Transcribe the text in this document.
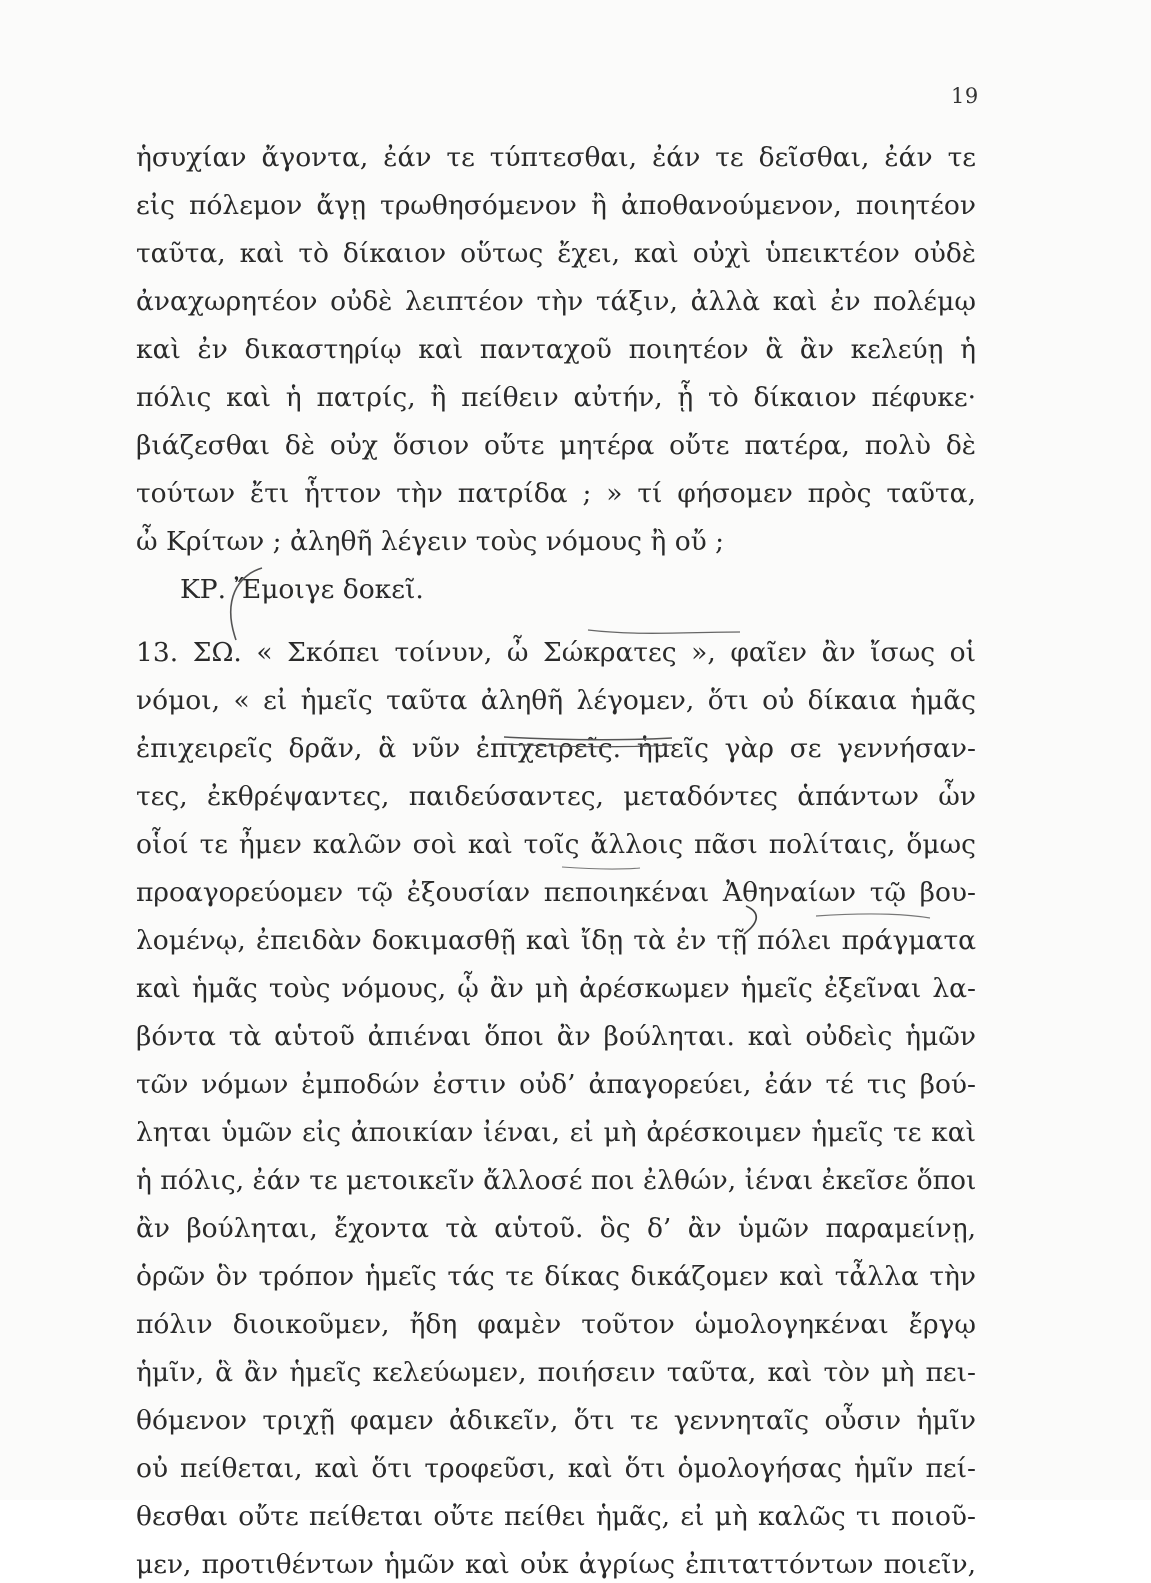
19
ἡσυχίαν ἄγοντα, ἐάν τε τύπτεσθαι, ἐάν τε δεῖσθαι, ἐάν τε
εἰς πόλεμον ἄγῃ τρωθησόμενον ἢ ἀποθανούμενον, ποιητέον
ταῦτα, καὶ τὸ δίκαιον οὕτως ἔχει, καὶ οὐχὶ ὑπεικτέον οὐδὲ
ἀναχωρητέον οὐδὲ λειπτέον τὴν τάξιν, ἀλλὰ καὶ ἐν πολέμῳ
καὶ ἐν δικαστηρίῳ καὶ πανταχοῦ ποιητέον ἃ ἂν κελεύῃ ἡ
πόλις καὶ ἡ πατρίς, ἢ πείθειν αὐτήν, ᾗ τὸ δίκαιον πέφυκε·
βιάζεσθαι δὲ οὐχ ὅσιον οὔτε μητέρα οὔτε πατέρα, πολὺ δὲ
τούτων ἔτι ἧττον τὴν πατρίδα ; » τί φήσομεν πρὸς ταῦτα,
ὦ Κρίτων ; ἀληθῆ λέγειν τοὺς νόμους ἢ οὔ ;
ΚΡ. Ἔμοιγε δοκεῖ.
13. ΣΩ. « Σκόπει τοίνυν, ὦ Σώκρατες », φαῖεν ἂν ἴσως οἱ
νόμοι, « εἰ ἡμεῖς ταῦτα ἀληθῆ λέγομεν, ὅτι οὐ δίκαια ἡμᾶς
ἐπιχειρεῖς δρᾶν, ἃ νῦν ἐπιχειρεῖς. ἡμεῖς γὰρ σε γεννήσαν-
τες, ἐκθρέψαντες, παιδεύσαντες, μεταδόντες ἁπάντων ὧν
οἷοί τε ἦμεν καλῶν σοὶ καὶ τοῖς ἄλλοις πᾶσι πολίταις, ὅμως
προαγορεύομεν τῷ ἐξουσίαν πεποιηκέναι Ἀθηναίων τῷ βου-
λομένῳ, ἐπειδὰν δοκιμασθῇ καὶ ἴδῃ τὰ ἐν τῇ πόλει πράγματα
καὶ ἡμᾶς τοὺς νόμους, ᾧ ἂν μὴ ἀρέσκωμεν ἡμεῖς ἐξεῖναι λα-
βόντα τὰ αὑτοῦ ἀπιέναι ὅποι ἂν βούληται. καὶ οὐδεὶς ἡμῶν
τῶν νόμων ἐμποδών ἐστιν οὐδ’ ἀπαγορεύει, ἐάν τέ τις βού-
ληται ὑμῶν εἰς ἀποικίαν ἰέναι, εἰ μὴ ἀρέσκοιμεν ἡμεῖς τε καὶ
ἡ πόλις, ἐάν τε μετοικεῖν ἄλλοσέ ποι ἐλθών, ἰέναι ἐκεῖσε ὅποι
ἂν βούληται, ἔχοντα τὰ αὑτοῦ. ὃς δ’ ἂν ὑμῶν παραμείνῃ,
ὁρῶν ὃν τρόπον ἡμεῖς τάς τε δίκας δικάζομεν καὶ τἆλλα τὴν
πόλιν διοικοῦμεν, ἤδη φαμὲν τοῦτον ὡμολογηκέναι ἔργῳ
ἡμῖν, ἃ ἂν ἡμεῖς κελεύωμεν, ποιήσειν ταῦτα, καὶ τὸν μὴ πει-
θόμενον τριχῇ φαμεν ἀδικεῖν, ὅτι τε γεννηταῖς οὖσιν ἡμῖν
οὐ πείθεται, καὶ ὅτι τροφεῦσι, καὶ ὅτι ὁμολογήσας ἡμῖν πεί-
θεσθαι οὔτε πείθεται οὔτε πείθει ἡμᾶς, εἰ μὴ καλῶς τι ποιοῦ-
μεν, προτιθέντων ἡμῶν καὶ οὐκ ἀγρίως ἐπιταττόντων ποιεῖν,
